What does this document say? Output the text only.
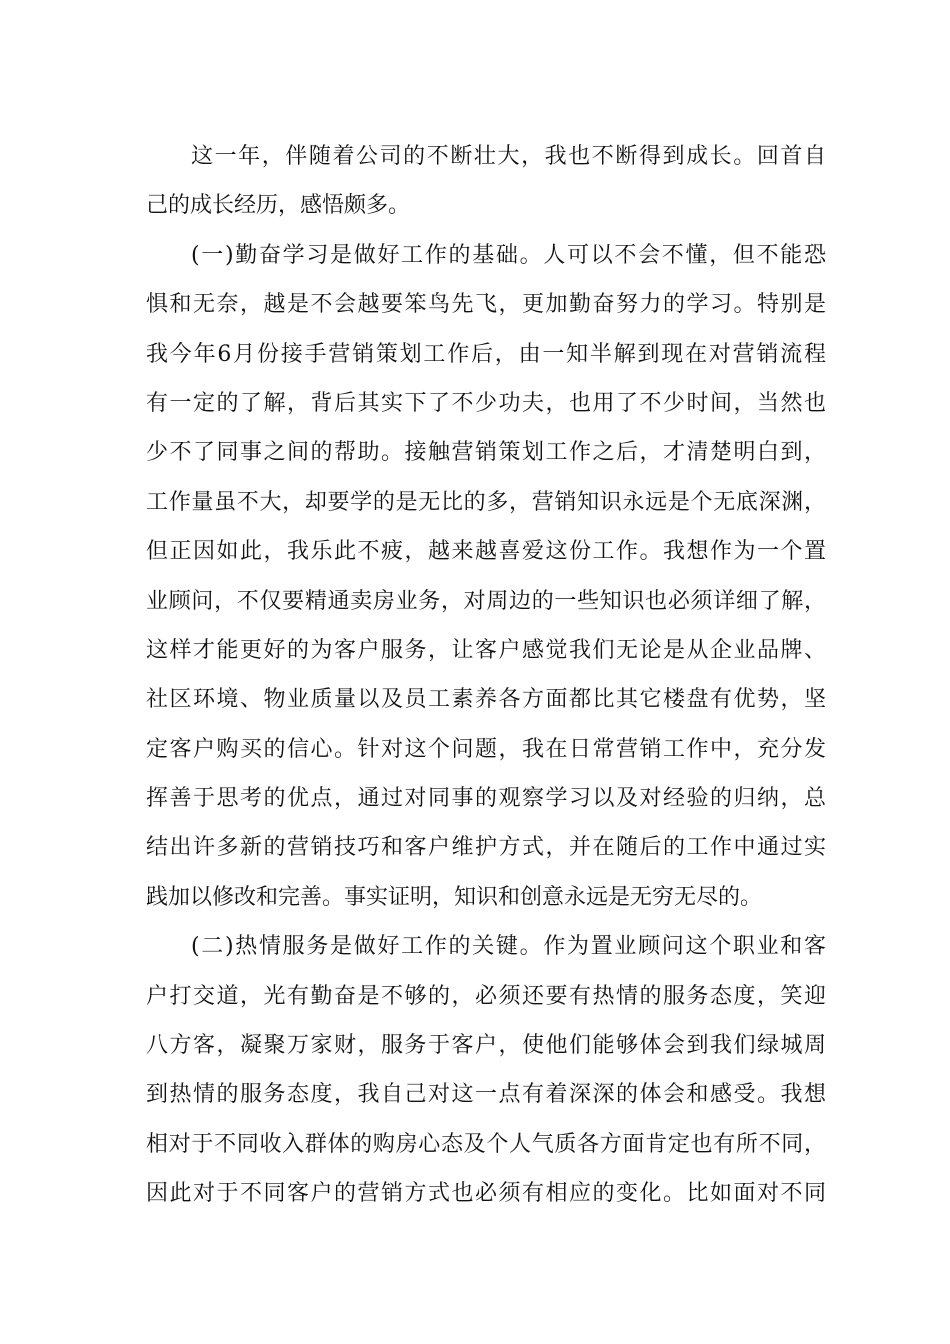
这一年，伴随着公司的不断壮大，我也不断得到成长。回首自
己的成长经历，感悟颇多。
(一)勤奋学习是做好工作的基础。人可以不会不懂，但不能恐
惧和无奈，越是不会越要笨鸟先飞，更加勤奋努力的学习。特别是
我今年6月份接手营销策划工作后，由一知半解到现在对营销流程
有一定的了解，背后其实下了不少功夫，也用了不少时间，当然也
少不了同事之间的帮助。接触营销策划工作之后，才清楚明白到，
工作量虽不大，却要学的是无比的多，营销知识永远是个无底深渊，
但正因如此，我乐此不疲，越来越喜爱这份工作。我想作为一个置
业顾问，不仅要精通卖房业务，对周边的一些知识也必须详细了解，
这样才能更好的为客户服务，让客户感觉我们无论是从企业品牌、
社区环境、物业质量以及员工素养各方面都比其它楼盘有优势，坚
定客户购买的信心。针对这个问题，我在日常营销工作中，充分发
挥善于思考的优点，通过对同事的观察学习以及对经验的归纳，总
结出许多新的营销技巧和客户维护方式，并在随后的工作中通过实
践加以修改和完善。事实证明，知识和创意永远是无穷无尽的。
(二)热情服务是做好工作的关键。作为置业顾问这个职业和客
户打交道，光有勤奋是不够的，必须还要有热情的服务态度，笑迎
八方客，凝聚万家财，服务于客户，使他们能够体会到我们绿城周
到热情的服务态度，我自己对这一点有着深深的体会和感受。我想
相对于不同收入群体的购房心态及个人气质各方面肯定也有所不同，
因此对于不同客户的营销方式也必须有相应的变化。比如面对不同
